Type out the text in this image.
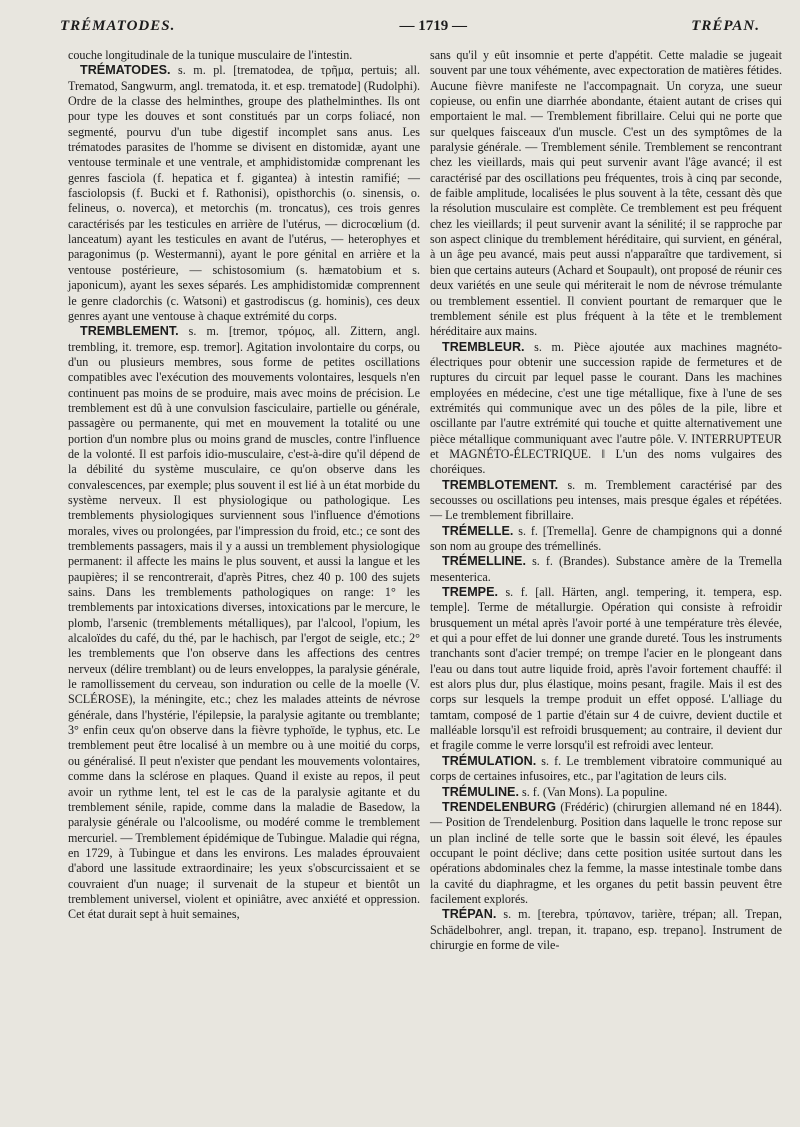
TRÉMATODES.	— 1719 —	TRÉPAN.

couche longitudinale de la tunique musculaire de l'intestin.

TRÉMATODES. s. m. pl. [trematodea, de τρῆμα, pertuis; all. Trematod, Sangwurm, angl. trematoda, it. et esp. trematode] (Rudolphi). Ordre de la classe des helminthes, groupe des plathelminthes. Ils ont pour type les douves et sont constitués par un corps foliacé, non segmenté, pourvu d'un tube digestif incomplet sans anus. Les trématodes parasites de l'homme se divisent en distomidæ, ayant une ventouse terminale et une ventrale, et amphidistomidæ comprenant les genres fasciola (f. hepatica et f. gigantea) à intestin ramifié; — fasciolopsis (f. Bucki et f. Rathonisi), opisthorchis (o. sinensis, o. felineus, o. noverca), et metorchis (m. troncatus), ces trois genres caractérisés par les testicules en arrière de l'utérus, — dicrocœlium (d. lanceatum) ayant les testicules en avant de l'utérus, — heterophyes et paragonimus (p. Westermanni), ayant le pore génital en arrière et la ventouse postérieure, — schistosomium (s. hæmatobium et s. japonicum), ayant les sexes séparés. Les amphidistomidæ comprennent le genre cladorchis (c. Watsoni) et gastrodiscus (g. hominis), ces deux genres ayant une ventouse à chaque extrémité du corps.

TREMBLEMENT. s. m. [tremor, τρόμος, all. Zittern, angl. trembling, it. tremore, esp. tremor]. Agitation involontaire du corps, ou d'un ou plusieurs membres, sous forme de petites oscillations compatibles avec l'exécution des mouvements volontaires, lesquels n'en continuent pas moins de se produire, mais avec moins de précision. Le tremblement est dû à une convulsion fasciculaire, partielle ou générale, passagère ou permanente, qui met en mouvement la totalité ou une portion d'un nombre plus ou moins grand de muscles, contre l'influence de la volonté. Il est parfois idio-musculaire, c'est-à-dire qu'il dépend de la débilité du système musculaire, ce qu'on observe dans les convalescences, par exemple; plus souvent il est lié à un état morbide du système nerveux. Il est physiologique ou pathologique. Les tremblements physiologiques surviennent sous l'influence d'émotions morales, vives ou prolongées, par l'impression du froid, etc.; ce sont des tremblements passagers, mais il y a aussi un tremblement physiologique permanent: il affecte les mains le plus souvent, et aussi la langue et les paupières; il se rencontrerait, d'après Pitres, chez 40 p. 100 des sujets sains. Dans les tremblements pathologiques on range: 1° les tremblements par intoxications diverses, intoxications par le mercure, le plomb, l'arsenic (tremblements métalliques), par l'alcool, l'opium, les alcaloïdes du café, du thé, par le hachisch, par l'ergot de seigle, etc.; 2° les tremblements que l'on observe dans les affections des centres nerveux (délire tremblant) ou de leurs enveloppes, la paralysie générale, le ramollissement du cerveau, son induration ou celle de la moelle (V. SCLÉROSE), la méningite, etc.; chez les malades atteints de névrose générale, dans l'hystérie, l'épilepsie, la paralysie agitante ou tremblante; 3° enfin ceux qu'on observe dans la fièvre typhoïde, le typhus, etc. Le tremblement peut être localisé à un membre ou à une moitié du corps, ou généralisé. Il peut n'exister que pendant les mouvements volontaires, comme dans la sclérose en plaques. Quand il existe au repos, il peut avoir un rythme lent, tel est le cas de la paralysie agitante et du tremblement sénile, rapide, comme dans la maladie de Basedow, la paralysie générale ou l'alcoolisme, ou modéré comme le tremblement mercuriel. — Tremblement épidémique de Tubingue. Maladie qui régna, en 1729, à Tubingue et dans les environs. Les malades éprouvaient d'abord une lassitude extraordinaire; les yeux s'obscurcissaient et se couvraient d'un nuage; il survenait de la stupeur et bientôt un tremblement universel, violent et opiniâtre, avec anxiété et oppression. Cet état durait sept à huit semaines,

sans qu'il y eût insomnie et perte d'appétit. Cette maladie se jugeait souvent par une toux véhémente, avec expectoration de matières fétides. Aucune fièvre manifeste ne l'accompagnait. Un coryza, une sueur copieuse, ou enfin une diarrhée abondante, étaient autant de crises qui emportaient le mal. — Tremblement fibrillaire. Celui qui ne porte que sur quelques faisceaux d'un muscle. C'est un des symptômes de la paralysie générale. — Tremblement sénile. Tremblement se rencontrant chez les vieillards, mais qui peut survenir avant l'âge avancé; il est caractérisé par des oscillations peu fréquentes, trois à cinq par seconde, de faible amplitude, localisées le plus souvent à la tête, cessant dès que la résolution musculaire est complète. Ce tremblement est peu fréquent chez les vieillards; il peut survenir avant la sénilité; il se rapproche par son aspect clinique du tremblement héréditaire, qui survient, en général, à un âge peu avancé, mais peut aussi n'apparaître que tardivement, si bien que certains auteurs (Achard et Soupault), ont proposé de réunir ces deux variétés en une seule qui mériterait le nom de névrose trémulante ou tremblement essentiel. Il convient pourtant de remarquer que le tremblement sénile est plus fréquent à la tête et le tremblement héréditaire aux mains.

TREMBLEUR. s. m. Pièce ajoutée aux machines magnéto-électriques pour obtenir une succession rapide de fermetures et de ruptures du circuit par lequel passe le courant. Dans les machines employées en médecine, c'est une tige métallique, fixe à l'une de ses extrémités qui communique avec un des pôles de la pile, libre et oscillante par l'autre extrémité qui touche et quitte alternativement une pièce métallique communiquant avec l'autre pôle. V. INTERRUPTEUR et MAGNÉTO-ÉLECTRIQUE. ‖ L'un des noms vulgaires des choréiques.

TREMBLOTEMENT. s. m. Tremblement caractérisé par des secousses ou oscillations peu intenses, mais presque égales et répétées. — Le tremblement fibrillaire.

TRÉMELLE. s. f. [Tremella]. Genre de champignons qui a donné son nom au groupe des trémellinés.

TRÉMELLINE. s. f. (Brandes). Substance amère de la Tremella mesenterica.

TREMPE. s. f. [all. Härten, angl. tempering, it. tempera, esp. temple]. Terme de métallurgie. Opération qui consiste à refroidir brusquement un métal après l'avoir porté à une température très élevée, et qui a pour effet de lui donner une grande dureté. Tous les instruments tranchants sont d'acier trempé; on trempe l'acier en le plongeant dans l'eau ou dans tout autre liquide froid, après l'avoir fortement chauffé: il est alors plus dur, plus élastique, moins pesant, fragile. Mais il est des corps sur lesquels la trempe produit un effet opposé. L'alliage du tamtam, composé de 1 partie d'étain sur 4 de cuivre, devient ductile et malléable lorsqu'il est refroidi brusquement; au contraire, il devient dur et fragile comme le verre lorsqu'il est refroidi avec lenteur.

TRÉMULATION. s. f. Le tremblement vibratoire communiqué au corps de certaines infusoires, etc., par l'agitation de leurs cils.

TRÉMULINE. s. f. (Van Mons). La populine.

TRENDELENBURG (Frédéric) (chirurgien allemand né en 1844). — Position de Trendelenburg. Position dans laquelle le tronc repose sur un plan incliné de telle sorte que le bassin soit élevé, les épaules occupant le point déclive; dans cette position usitée surtout dans les opérations abdominales chez la femme, la masse intestinale tombe dans la cavité du diaphragme, et les organes du petit bassin peuvent être facilement explorés.

TRÉPAN. s. m. [terebra, τρύπανον, tarière, trépan; all. Trepan, Schädelbohrer, angl. trepan, it. trapano, esp. trepano]. Instrument de chirurgie en forme de vile-
